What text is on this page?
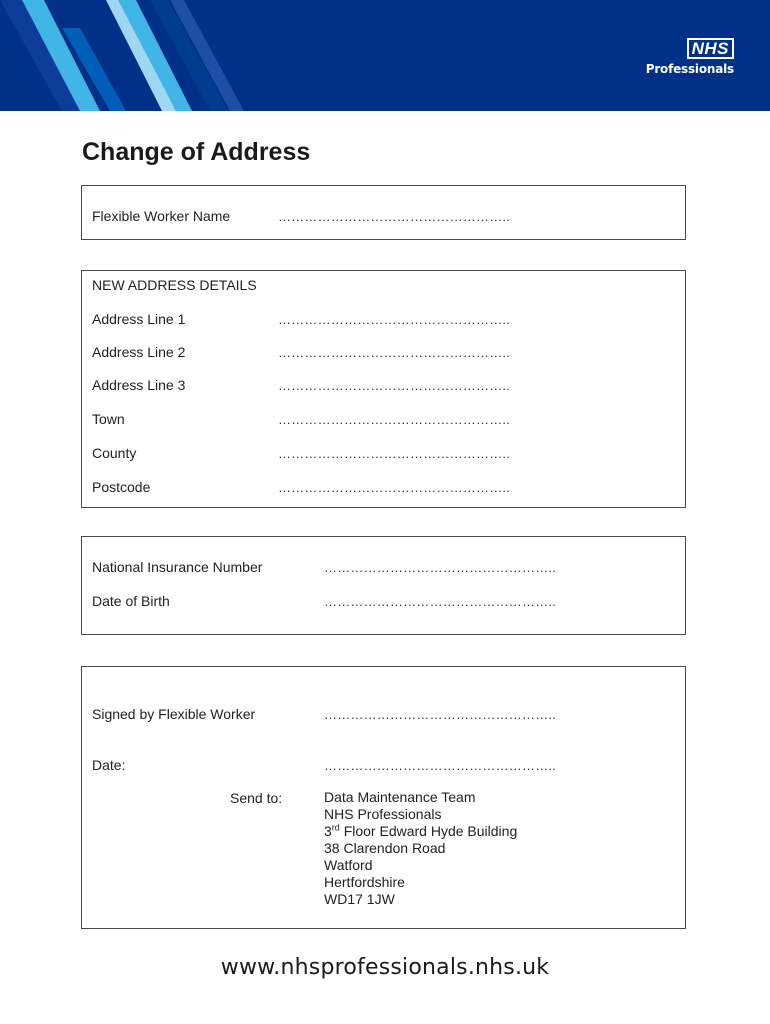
NHS
Professionals
Change of Address
Flexible Worker Name	……………………………………………..
NEW ADDRESS DETAILS
Address Line 1	……………………………………………..
Address Line 2	……………………………………………..
Address Line 3	……………………………………………..
Town	……………………………………………..
County	……………………………………………..
Postcode	……………………………………………..
National Insurance Number	……………………………………………..
Date of Birth	……………………………………………..
Signed by Flexible Worker	……………………………………………..
Date:	……………………………………………..
Send to:	Data Maintenance Team
NHS Professionals
3rd Floor Edward Hyde Building
38 Clarendon Road
Watford
Hertfordshire
WD17 1JW
www.nhsprofessionals.nhs.uk
